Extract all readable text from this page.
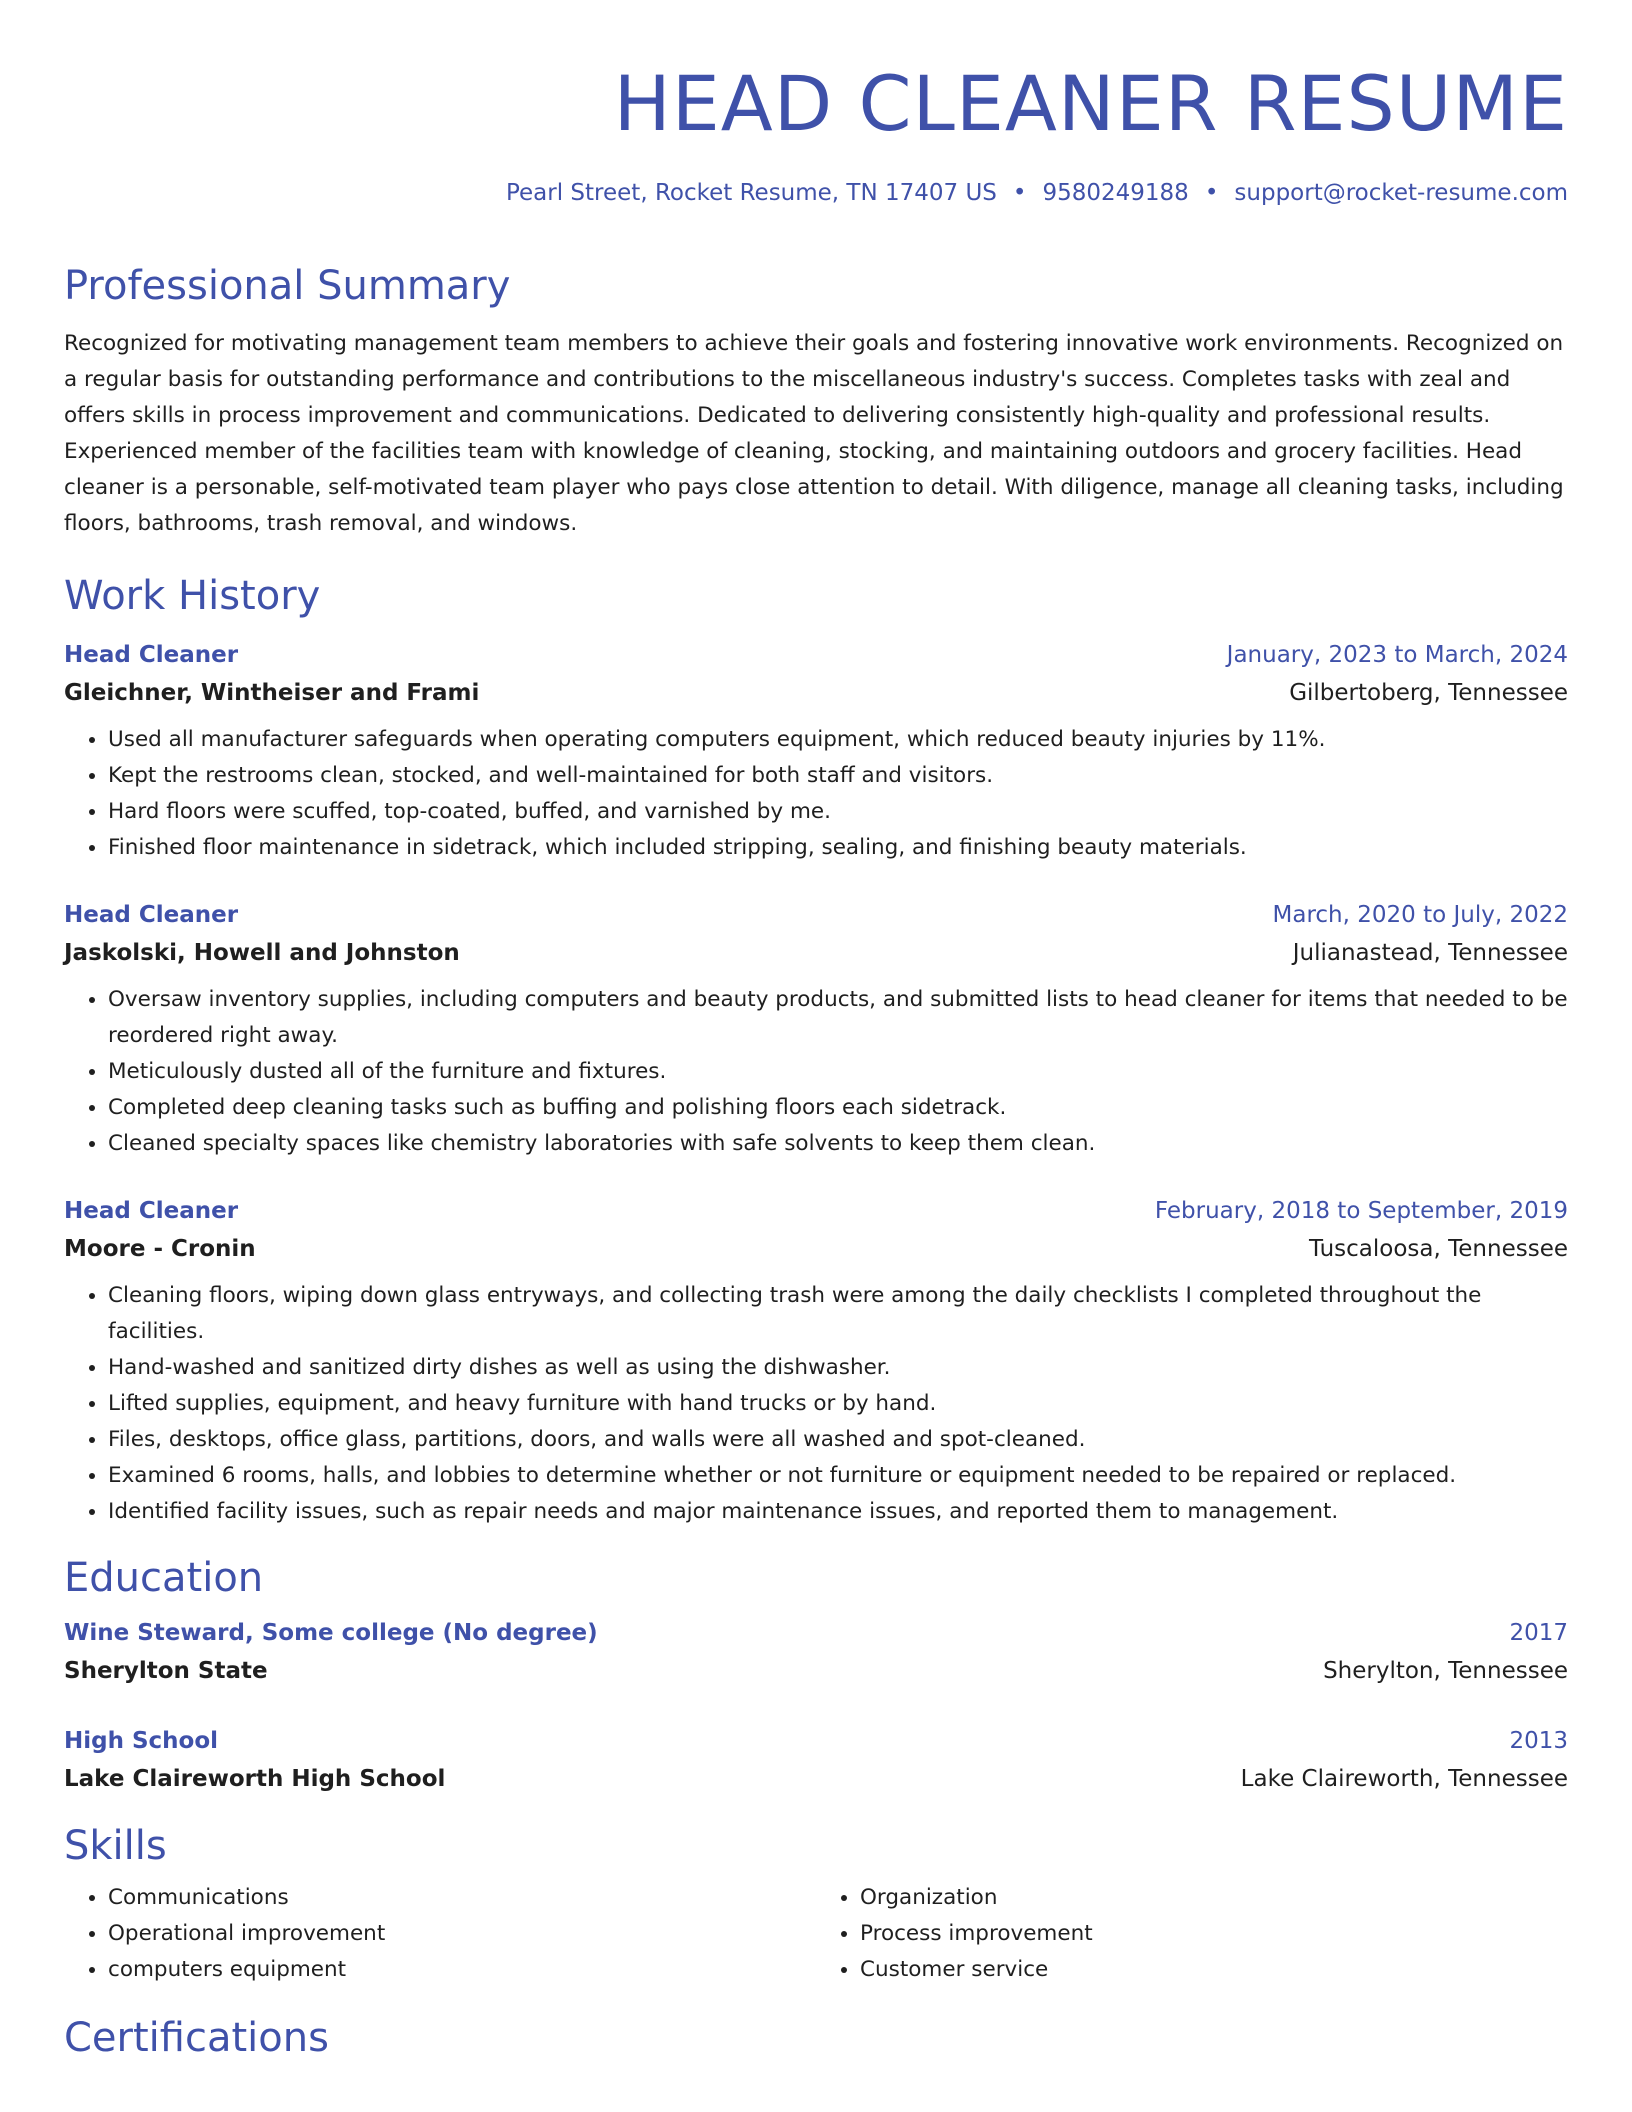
HEAD CLEANER RESUME
Pearl Street, Rocket Resume, TN 17407 US • 9580249188 • support@rocket-resume.com
Professional Summary
Recognized for motivating management team members to achieve their goals and fostering innovative work environments. Recognized on a regular basis for outstanding performance and contributions to the miscellaneous industry's success. Completes tasks with zeal and offers skills in process improvement and communications. Dedicated to delivering consistently high-quality and professional results. Experienced member of the facilities team with knowledge of cleaning, stocking, and maintaining outdoors and grocery facilities. Head cleaner is a personable, self-motivated team player who pays close attention to detail. With diligence, manage all cleaning tasks, including floors, bathrooms, trash removal, and windows.
Work History
Head Cleaner	January, 2023 to March, 2024
Gleichner, Wintheiser and Frami	Gilbertoberg, Tennessee
• Used all manufacturer safeguards when operating computers equipment, which reduced beauty injuries by 11%.
• Kept the restrooms clean, stocked, and well-maintained for both staff and visitors.
• Hard floors were scuffed, top-coated, buffed, and varnished by me.
• Finished floor maintenance in sidetrack, which included stripping, sealing, and finishing beauty materials.
Head Cleaner	March, 2020 to July, 2022
Jaskolski, Howell and Johnston	Julianastead, Tennessee
• Oversaw inventory supplies, including computers and beauty products, and submitted lists to head cleaner for items that needed to be reordered right away.
• Meticulously dusted all of the furniture and fixtures.
• Completed deep cleaning tasks such as buffing and polishing floors each sidetrack.
• Cleaned specialty spaces like chemistry laboratories with safe solvents to keep them clean.
Head Cleaner	February, 2018 to September, 2019
Moore - Cronin	Tuscaloosa, Tennessee
• Cleaning floors, wiping down glass entryways, and collecting trash were among the daily checklists I completed throughout the facilities.
• Hand-washed and sanitized dirty dishes as well as using the dishwasher.
• Lifted supplies, equipment, and heavy furniture with hand trucks or by hand.
• Files, desktops, office glass, partitions, doors, and walls were all washed and spot-cleaned.
• Examined 6 rooms, halls, and lobbies to determine whether or not furniture or equipment needed to be repaired or replaced.
• Identified facility issues, such as repair needs and major maintenance issues, and reported them to management.
Education
Wine Steward, Some college (No degree)	2017
Sherylton State	Sherylton, Tennessee
High School	2013
Lake Claireworth High School	Lake Claireworth, Tennessee
Skills
• Communications
• Operational improvement
• computers equipment
• Organization
• Process improvement
• Customer service
Certifications
